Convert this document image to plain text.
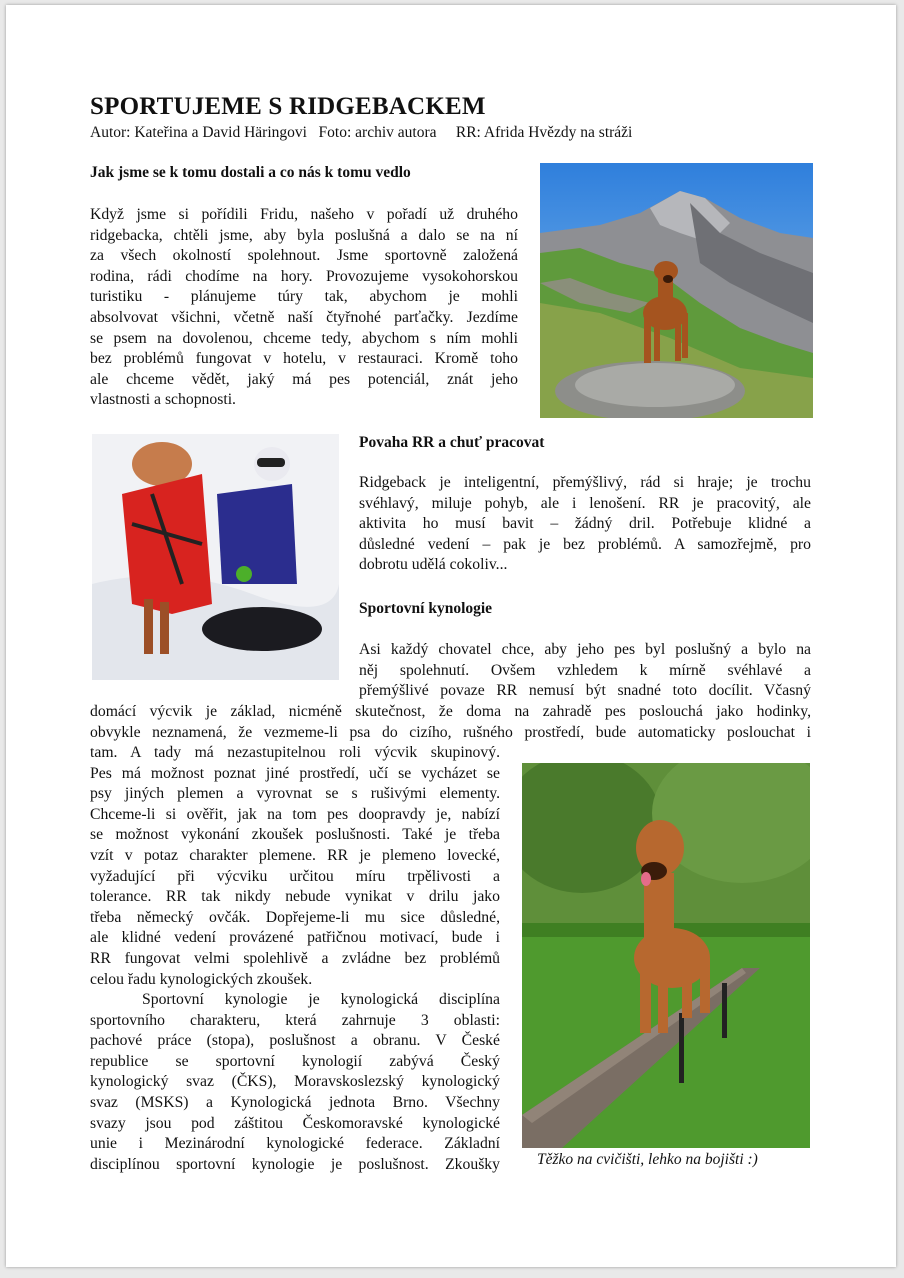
SPORTUJEME S RIDGEBACKEM
Autor: Kateřina a David Häringovi   Foto: archiv autora     RR: Afrida Hvězdy na stráži
Jak jsme se k tomu dostali a co nás k tomu vedlo
Když jsme si pořídili Fridu, našeho v pořadí už druhého
ridgebacka, chtěli jsme, aby byla poslušná a dalo se na ní
za všech okolností spolehnout. Jsme sportovně založená
rodina, rádi chodíme na hory. Provozujeme vysokohorskou
turistiku - plánujeme túry tak, abychom je mohli
absolvovat všichni, včetně naší čtyřnohé parťačky. Jezdíme
se psem na dovolenou, chceme tedy, abychom s ním mohli
bez problémů fungovat v hotelu, v restauraci. Kromě toho
ale chceme vědět, jaký má pes potenciál, znát jeho
vlastnosti a schopnosti.
Povaha RR a chuť pracovat
Ridgeback je inteligentní, přemýšlivý, rád si hraje; je trochu
svéhlavý, miluje pohyb, ale i lenošení. RR je pracovitý, ale
aktivita ho musí bavit – žádný dril. Potřebuje klidné a
důsledné vedení – pak je bez problémů. A samozřejmě, pro
dobrotu udělá cokoliv...
Sportovní kynologie
Asi každý chovatel chce, aby jeho pes byl poslušný a bylo na
něj spolehnutí. Ovšem vzhledem k mírně svéhlavé a
přemýšlivé povaze RR nemusí být snadné toto docílit. Včasný
domácí výcvik je základ, nicméně skutečnost, že doma na zahradě pes poslouchá jako hodinky,
obvykle neznamená, že vezmeme-li psa do cizího, rušného prostředí, bude automaticky poslouchat i
tam. A tady má nezastupitelnou roli výcvik skupinový.
Pes má možnost poznat jiné prostředí, učí se vycházet se
psy jiných plemen a vyrovnat se s rušivými elementy.
Chceme-li si ověřit, jak na tom pes doopravdy je, nabízí
se možnost vykonání zkoušek poslušnosti. Také je třeba
vzít v potaz charakter plemene. RR je plemeno lovecké,
vyžadující při výcviku určitou míru trpělivosti a
tolerance. RR tak nikdy nebude vynikat v drilu jako
třeba německý ovčák. Dopřejeme-li mu sice důsledné,
ale klidné vedení provázené patřičnou motivací, bude i
RR fungovat velmi spolehlivě a zvládne bez problémů
celou řadu kynologických zkoušek.
Sportovní kynologie je kynologická disciplína
sportovního charakteru, která zahrnuje 3 oblasti:
pachové práce (stopa), poslušnost a obranu. V České
republice se sportovní kynologií zabývá Český
kynologický svaz (ČKS), Moravskoslezský kynologický
svaz (MSKS) a Kynologická jednota Brno. Všechny
svazy jsou pod záštitou Českomoravské kynologické
unie i Mezinárodní kynologické federace. Základní
disciplínou sportovní kynologie je poslušnost. Zkoušky Těžko na cvičišti, lehko na bojišti :)
